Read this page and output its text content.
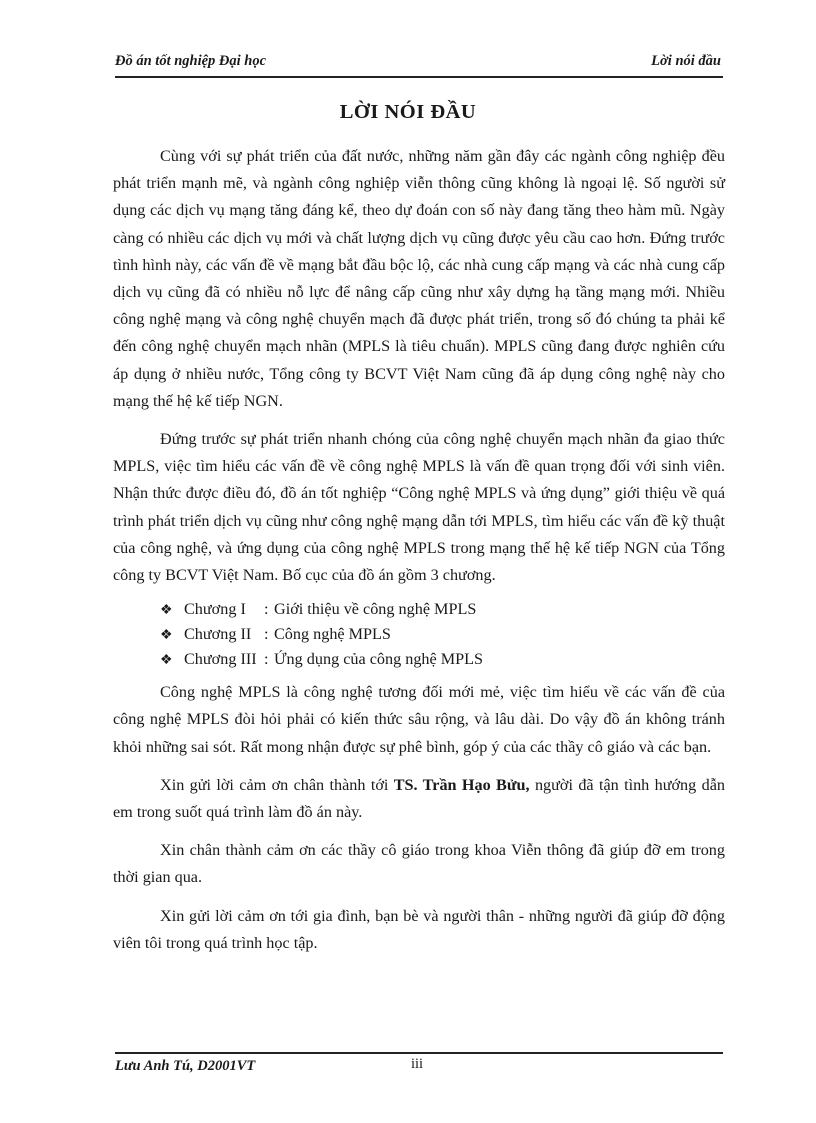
Đồ án tốt nghiệp Đại học	Lời nói đầu
LỜI NÓI ĐẦU

Cùng với sự phát triển của đất nước, những năm gần đây các ngành công nghiệp đều phát triển mạnh mẽ, và ngành công nghiệp viễn thông cũng không là ngoại lệ. Số người sử dụng các dịch vụ mạng tăng đáng kể, theo dự đoán con số này đang tăng theo hàm mũ. Ngày càng có nhiều các dịch vụ mới và chất lượng dịch vụ cũng được yêu cầu cao hơn. Đứng trước tình hình này, các vấn đề về mạng bắt đầu bộc lộ, các nhà cung cấp mạng và các nhà cung cấp dịch vụ cũng đã có nhiều nỗ lực để nâng cấp cũng như xây dựng hạ tầng mạng mới. Nhiều công nghệ mạng và công nghệ chuyển mạch đã được phát triển, trong số đó chúng ta phải kể đến công nghệ chuyển mạch nhãn (MPLS là tiêu chuẩn). MPLS cũng đang được nghiên cứu áp dụng ở nhiều nước, Tổng công ty BCVT Việt Nam cũng đã áp dụng công nghệ này cho mạng thế hệ kế tiếp NGN.

Đứng trước sự phát triển nhanh chóng của công nghệ chuyển mạch nhãn đa giao thức MPLS, việc tìm hiểu các vấn đề về công nghệ MPLS là vấn đề quan trọng đối với sinh viên. Nhận thức được điều đó, đồ án tốt nghiệp “Công nghệ MPLS và ứng dụng” giới thiệu về quá trình phát triển dịch vụ cũng như công nghệ mạng dẫn tới MPLS, tìm hiểu các vấn đề kỹ thuật của công nghệ, và ứng dụng của công nghệ MPLS trong mạng thế hệ kế tiếp NGN của Tổng công ty BCVT Việt Nam. Bố cục của đồ án gồm 3 chương.

❖ Chương I : Giới thiệu về công nghệ MPLS
❖ Chương II : Công nghệ MPLS
❖ Chương III : Ứng dụng của công nghệ MPLS

Công nghệ MPLS là công nghệ tương đối mới mẻ, việc tìm hiểu về các vấn đề của công nghệ MPLS đòi hỏi phải có kiến thức sâu rộng, và lâu dài. Do vậy đồ án không tránh khỏi những sai sót. Rất mong nhận được sự phê bình, góp ý của các thầy cô giáo và các bạn.

Xin gửi lời cảm ơn chân thành tới TS. Trần Hạo Bửu, người đã tận tình hướng dẫn em trong suốt quá trình làm đồ án này.

Xin chân thành cảm ơn các thầy cô giáo trong khoa Viễn thông đã giúp đỡ em trong thời gian qua.

Xin gửi lời cảm ơn tới gia đình, bạn bè và người thân - những người đã giúp đỡ động viên tôi trong quá trình học tập.

Lưu Anh Tú, D2001VT	iii
